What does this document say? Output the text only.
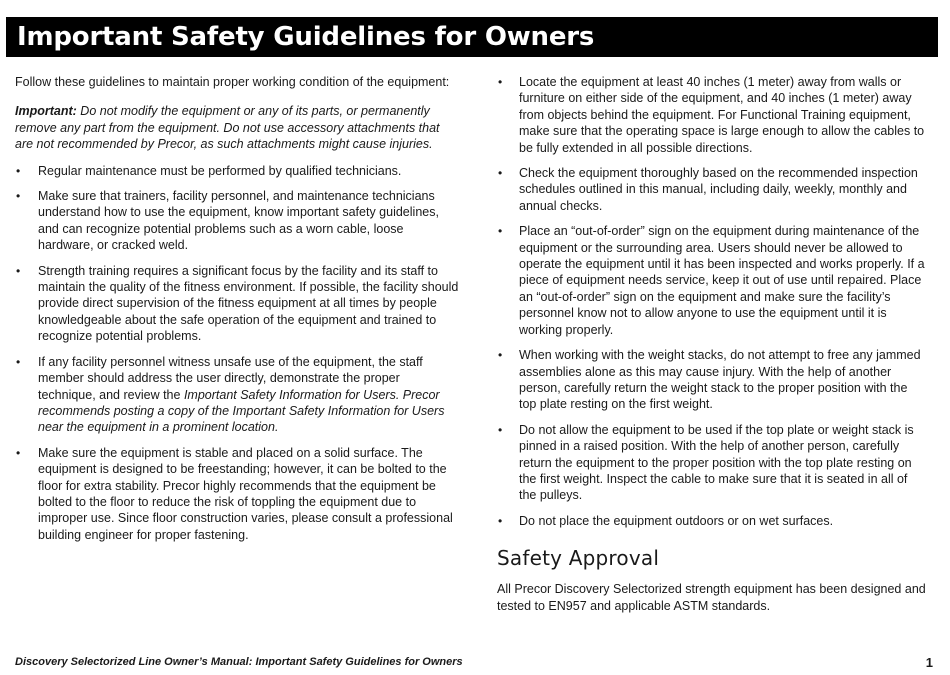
Important Safety Guidelines for Owners

Follow these guidelines to maintain proper working condition of the equipment:

Important: Do not modify the equipment or any of its parts, or permanently remove any part from the equipment. Do not use accessory attachments that are not recommended by Precor, as such attachments might cause injuries.

• Regular maintenance must be performed by qualified technicians.
• Make sure that trainers, facility personnel, and maintenance technicians understand how to use the equipment, know important safety guidelines, and can recognize potential problems such as a worn cable, loose hardware, or cracked weld.
• Strength training requires a significant focus by the facility and its staff to maintain the quality of the fitness environment. If possible, the facility should provide direct supervision of the fitness equipment at all times by people knowledgeable about the safe operation of the equipment and trained to recognize potential problems.
• If any facility personnel witness unsafe use of the equipment, the staff member should address the user directly, demonstrate the proper technique, and review the Important Safety Information for Users. Precor recommends posting a copy of the Important Safety Information for Users near the equipment in a prominent location.
• Make sure the equipment is stable and placed on a solid surface. The equipment is designed to be freestanding; however, it can be bolted to the floor for extra stability. Precor highly recommends that the equipment be bolted to the floor to reduce the risk of toppling the equipment due to improper use. Since floor construction varies, please consult a professional building engineer for proper fastening.
• Locate the equipment at least 40 inches (1 meter) away from walls or furniture on either side of the equipment, and 40 inches (1 meter) away from objects behind the equipment. For Functional Training equipment, make sure that the operating space is large enough to allow the cables to be fully extended in all possible directions.
• Check the equipment thoroughly based on the recommended inspection schedules outlined in this manual, including daily, weekly, monthly and annual checks.
• Place an “out-of-order” sign on the equipment during maintenance of the equipment or the surrounding area. Users should never be allowed to operate the equipment until it has been inspected and works properly. If a piece of equipment needs service, keep it out of use until repaired. Place an “out-of-order” sign on the equipment and make sure the facility’s personnel know not to allow anyone to use the equipment until it is working properly.
• When working with the weight stacks, do not attempt to free any jammed assemblies alone as this may cause injury. With the help of another person, carefully return the weight stack to the proper position with the top plate resting on the first weight.
• Do not allow the equipment to be used if the top plate or weight stack is pinned in a raised position. With the help of another person, carefully return the equipment to the proper position with the top plate resting on the first weight. Inspect the cable to make sure that it is seated in all of the pulleys.
• Do not place the equipment outdoors or on wet surfaces.
Safety Approval

All Precor Discovery Selectorized strength equipment has been designed and tested to EN957 and applicable ASTM standards.

Discovery Selectorized Line Owner’s Manual: Important Safety Guidelines for Owners	1
